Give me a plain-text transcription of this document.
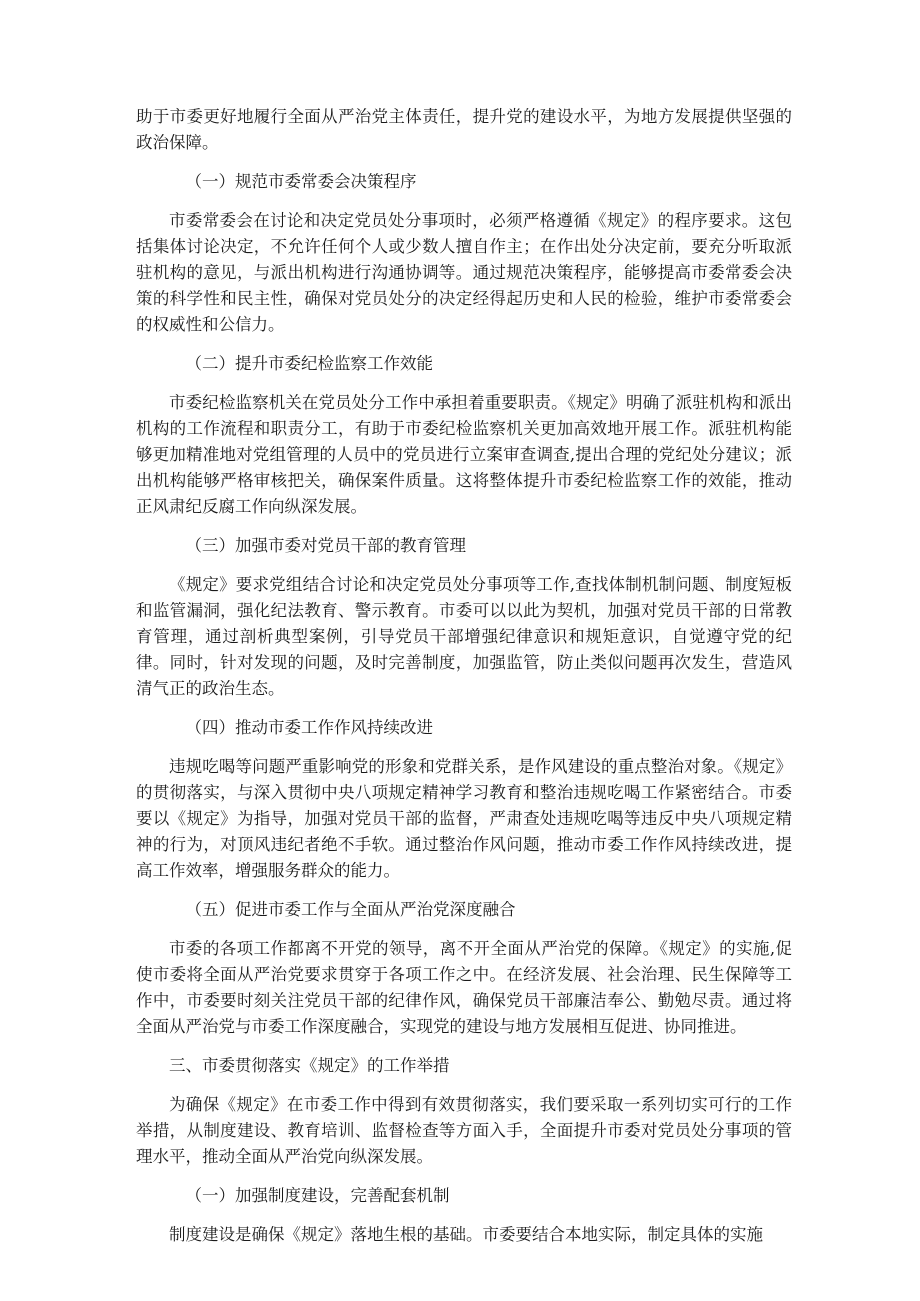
助于市委更好地履行全面从严治党主体责任，提升党的建设水平，为地方发展提供坚强的政治保障。

（一）规范市委常委会决策程序

市委常委会在讨论和决定党员处分事项时，必须严格遵循《规定》的程序要求。这包括集体讨论决定，不允许任何个人或少数人擅自作主；在作出处分决定前，要充分听取派驻机构的意见，与派出机构进行沟通协调等。通过规范决策程序，能够提高市委常委会决策的科学性和民主性，确保对党员处分的决定经得起历史和人民的检验，维护市委常委会的权威性和公信力。

（二）提升市委纪检监察工作效能

市委纪检监察机关在党员处分工作中承担着重要职责。《规定》明确了派驻机构和派出机构的工作流程和职责分工，有助于市委纪检监察机关更加高效地开展工作。派驻机构能够更加精准地对党组管理的人员中的党员进行立案审查调查,提出合理的党纪处分建议；派出机构能够严格审核把关，确保案件质量。这将整体提升市委纪检监察工作的效能，推动正风肃纪反腐工作向纵深发展。

（三）加强市委对党员干部的教育管理

《规定》要求党组结合讨论和决定党员处分事项等工作,查找体制机制问题、制度短板和监管漏洞，强化纪法教育、警示教育。市委可以以此为契机，加强对党员干部的日常教育管理，通过剖析典型案例，引导党员干部增强纪律意识和规矩意识，自觉遵守党的纪律。同时，针对发现的问题，及时完善制度，加强监管，防止类似问题再次发生，营造风清气正的政治生态。

（四）推动市委工作作风持续改进

违规吃喝等问题严重影响党的形象和党群关系，是作风建设的重点整治对象。《规定》的贯彻落实，与深入贯彻中央八项规定精神学习教育和整治违规吃喝工作紧密结合。市委要以《规定》为指导，加强对党员干部的监督，严肃查处违规吃喝等违反中央八项规定精神的行为，对顶风违纪者绝不手软。通过整治作风问题，推动市委工作作风持续改进，提高工作效率，增强服务群众的能力。

（五）促进市委工作与全面从严治党深度融合

市委的各项工作都离不开党的领导，离不开全面从严治党的保障。《规定》的实施,促使市委将全面从严治党要求贯穿于各项工作之中。在经济发展、社会治理、民生保障等工作中，市委要时刻关注党员干部的纪律作风，确保党员干部廉洁奉公、勤勉尽责。通过将全面从严治党与市委工作深度融合，实现党的建设与地方发展相互促进、协同推进。

三、市委贯彻落实《规定》的工作举措

为确保《规定》在市委工作中得到有效贯彻落实，我们要采取一系列切实可行的工作举措，从制度建设、教育培训、监督检查等方面入手，全面提升市委对党员处分事项的管理水平，推动全面从严治党向纵深发展。

（一）加强制度建设，完善配套机制

制度建设是确保《规定》落地生根的基础。市委要结合本地实际，制定具体的实施
